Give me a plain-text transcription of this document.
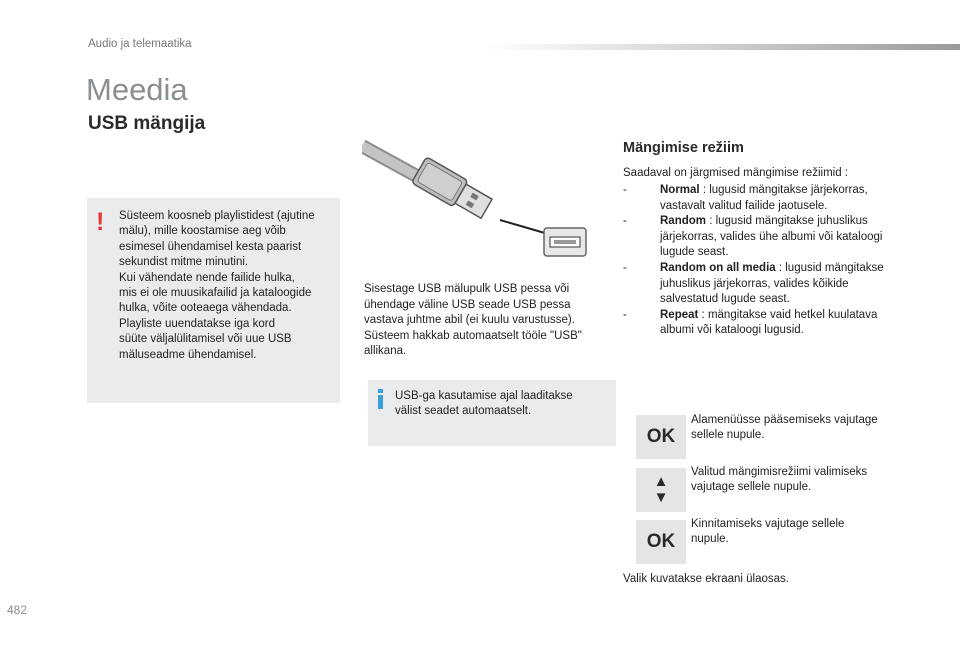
Audio ja telemaatika
Meedia
USB mängija
! Süsteem koosneb playlistidest (ajutine
mälu), mille koostamise aeg võib
esimesel ühendamisel kesta paarist
sekundist mitme minutini.
Kui vähendate nende failide hulka,
mis ei ole muusikafailid ja kataloogide
hulka, võite ooteaega vähendada.
Playliste uuendatakse iga kord
süüte väljalülitamisel või uue USB
mäluseadme ühendamisel.
Sisestage USB mälupulk USB pessa või
ühendage väline USB seade USB pessa
vastava juhtme abil (ei kuulu varustusse).
Süsteem hakkab automaatselt tööle "USB"
allikana.
USB-ga kasutamise ajal laaditakse
välist seadet automaatselt.
Mängimise režiim
Saadaval on järgmised mängimise režiimid :
-	Normal : lugusid mängitakse järjekorras, vastavalt valitud failide jaotusele.
-	Random : lugusid mängitakse juhuslikus järjekorras, valides ühe albumi või kataloogi lugude seast.
-	Random on all media : lugusid mängitakse juhuslikus järjekorras, valides kõikide salvestatud lugude seast.
-	Repeat : mängitakse vaid hetkel kuulatava albumi või kataloogi lugusid.
OK
Alamenüüsse pääsemiseks vajutage
sellele nupule.
▲
▼
Valitud mängimisrežiimi valimiseks
vajutage sellele nupule.
OK
Kinnitamiseks vajutage sellele
nupule.
Valik kuvatakse ekraani ülaosas.
482
